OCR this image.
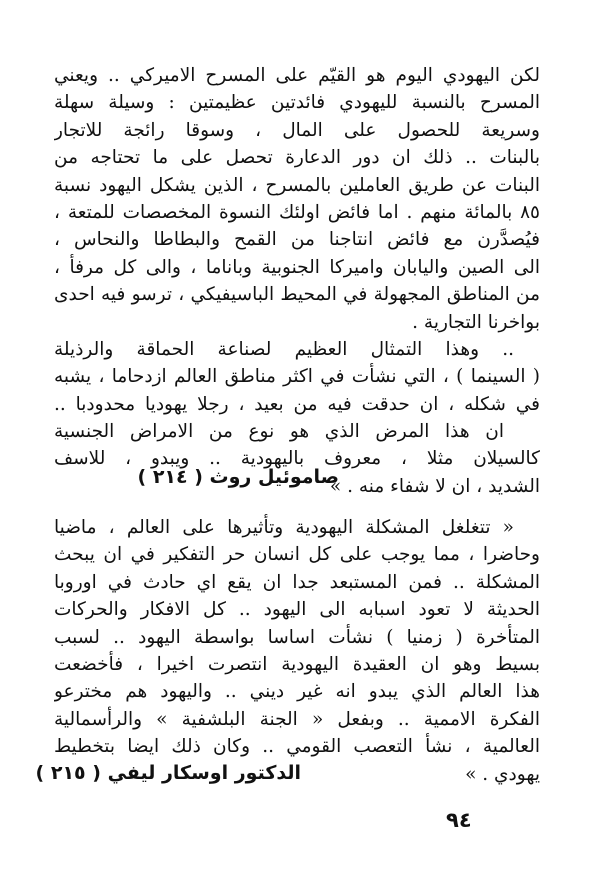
لكن اليهودي اليوم هو القيّم على المسرح الاميركي .. ويعني
المسرح بالنسبة لليهودي فائدتين عظيمتين : وسيلة سهلة
وسريعة للحصول على المال ، وسوقا رائجة للاتجار
بالبنات .. ذلك ان دور الدعارة تحصل على ما تحتاجه من
البنات عن طريق العاملين بالمسرح ، الذين يشكل اليهود نسبة
٨٥ بالمائة منهم . اما فائض اولئك النسوة المخصصات للمتعة ،
فيُصدَّرن مع فائض انتاجنا من القمح والبطاطا والنحاس ،
الى الصين واليابان واميركا الجنوبية وباناما ، والى كل مرفأ ،
من المناطق المجهولة في المحيط الباسيفيكي ، ترسو فيه احدى
بواخرنا التجارية .
.. وهذا التمثال العظيم لصناعة الحماقة والرذيلة
( السينما ) ، التي نشأت في اكثر مناطق العالم ازدحاما ، يشبه
في شكله ، ان حدقت فيه من بعيد ، رجلا يهوديا محدودبا ..
ان هذا المرض الذي هو نوع من الامراض الجنسية
كالسيلان مثلا ، معروف باليهودية .. ويبدو ، للاسف
الشديد ، ان لا شفاء منه . »
صاموئيل روث ( ٢١٤ )
« تتغلغل المشكلة اليهودية وتأثيرها على العالم ، ماضيا
وحاضرا ، مما يوجب على كل انسان حر التفكير في ان يبحث
المشكلة .. فمن المستبعد جدا ان يقع اي حادث في اوروبا
الحديثة لا تعود اسبابه الى اليهود .. كل الافكار والحركات
المتأخرة ( زمنيا ) نشأت اساسا بواسطة اليهود .. لسبب
بسيط وهو ان العقيدة اليهودية انتصرت اخيرا ، فأخضعت
هذا العالم الذي يبدو انه غير ديني .. واليهود هم مخترعو
الفكرة الاممية .. وبفعل « الجنة البلشفية » والرأسمالية
العالمية ، نشأ التعصب القومي .. وكان ذلك ايضا بتخطيط
يهودي . »
الدكتور اوسكار ليفي ( ٢١٥ )
٩٤
